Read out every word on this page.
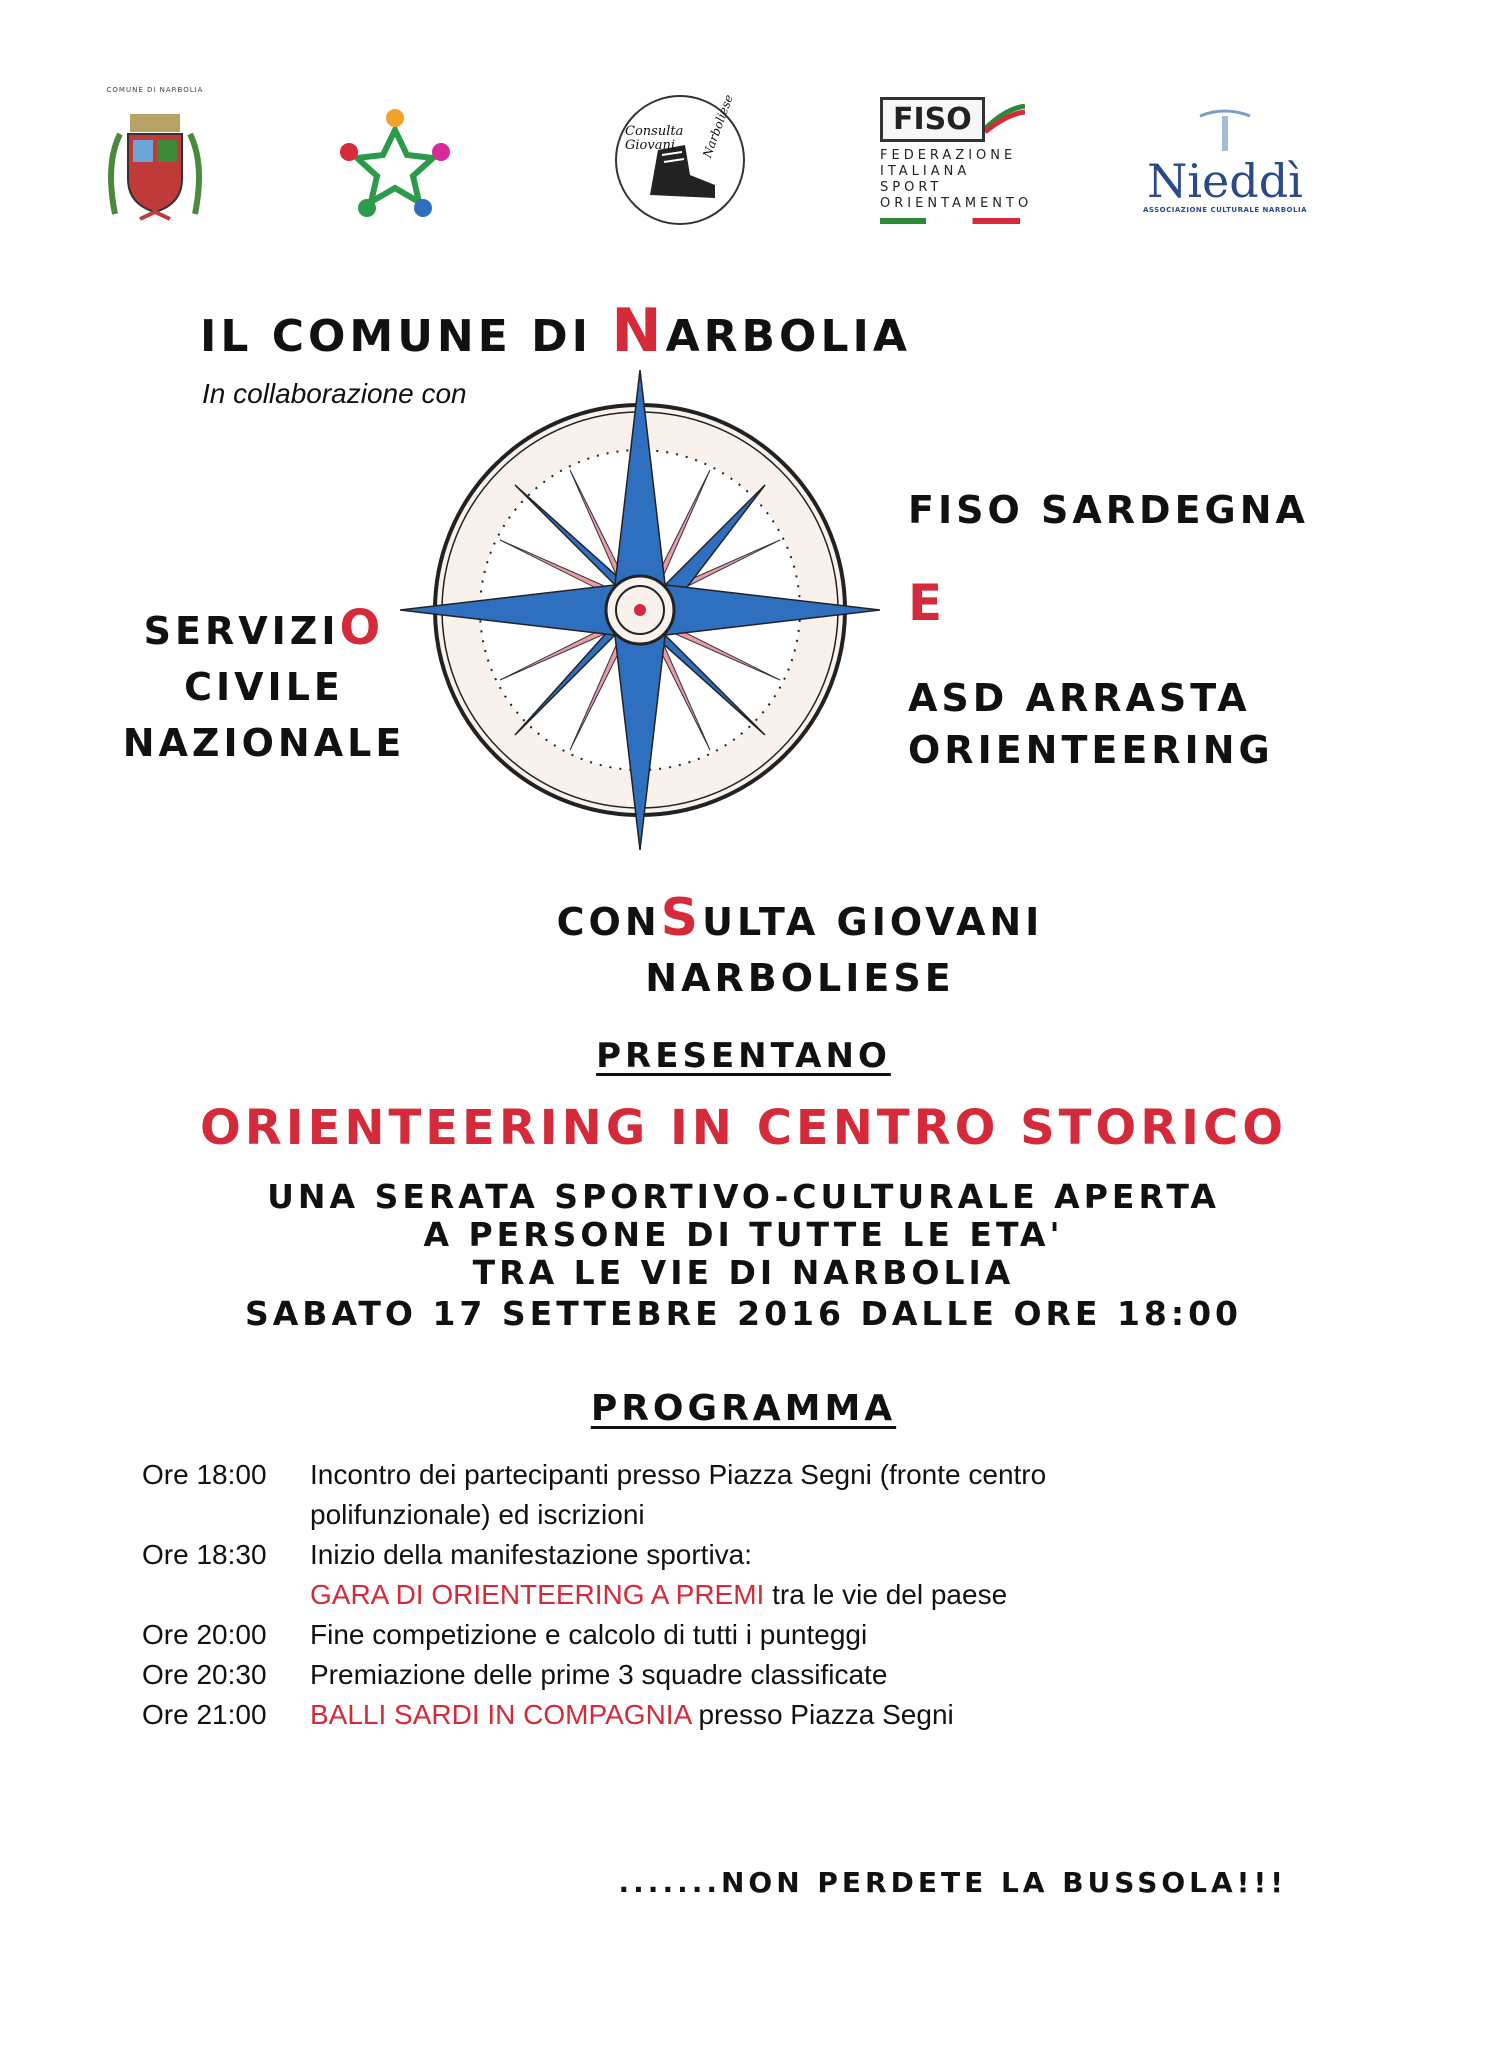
COMUNE DI NARBOLIA
Consulta Giovani	Narboliese	FISO
FEDERAZIONE
ITALIANA
SPORT
ORIENTAMENTO Nieddì
ASSOCIAZIONE CULTURALE NARBOLIA
IL COMUNE DI NARBOLIA
In collaborazione con
SERVIZIO
CIVILE
NAZIONALE
FISO SARDEGNA
E
ASD ARRASTA
ORIENTEERING
CONSULTA GIOVANI
NARBOLIESE
PRESENTANO
ORIENTEERING IN CENTRO STORICO
UNA SERATA SPORTIVO-CULTURALE APERTA
A PERSONE DI TUTTE LE ETA'
TRA LE VIE DI NARBOLIA
SABATO 17 SETTEBRE 2016 DALLE ORE 18:00
PROGRAMMA
Ore 18:00	Incontro dei partecipanti presso Piazza Segni (fronte centro
polifunzionale) ed iscrizioni
Ore 18:30	Inizio della manifestazione sportiva:
GARA DI ORIENTEERING A PREMI tra le vie del paese
Ore 20:00	Fine competizione e calcolo di tutti i punteggi
Ore 20:30	Premiazione delle prime 3 squadre classificate
Ore 21:00	BALLI SARDI IN COMPAGNIA presso Piazza Segni
.......NON PERDETE LA BUSSOLA!!!
